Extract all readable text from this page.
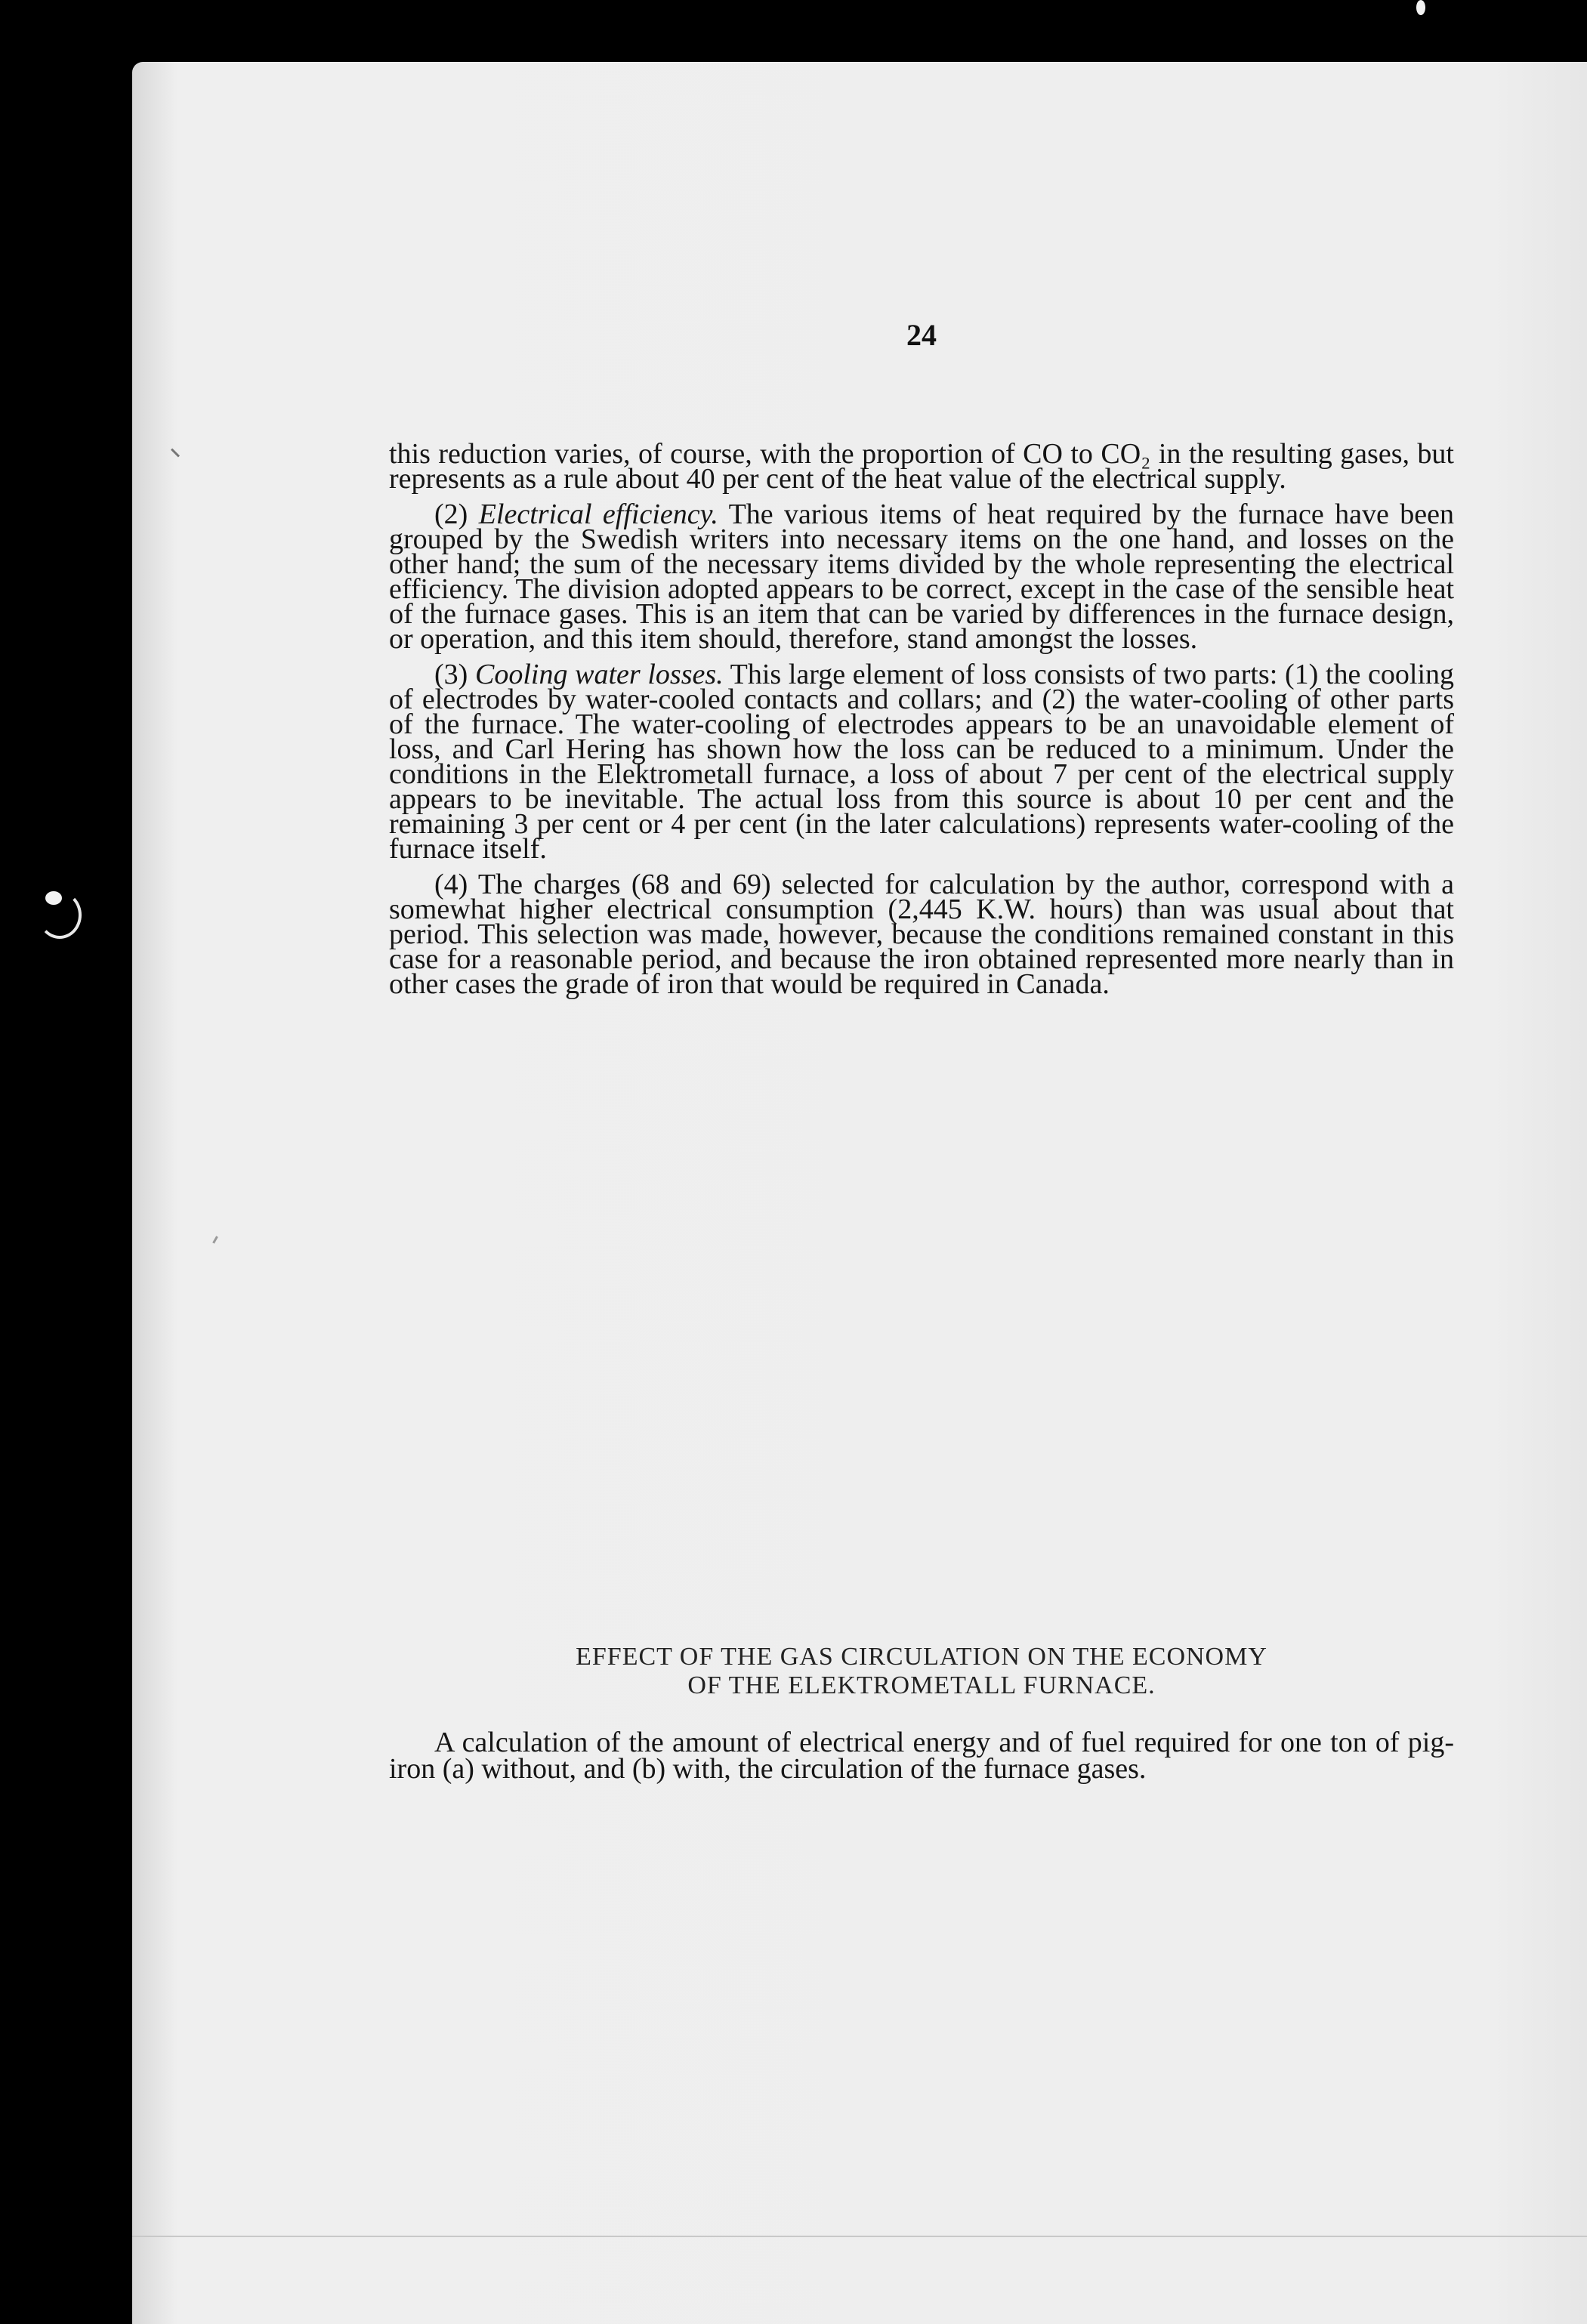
24

this reduction varies, of course, with the proportion of CO to CO₂ in the resulting gases, but represents as a rule about 40 per cent of the heat value of the electrical supply.

(2) Electrical efficiency. The various items of heat required by the furnace have been grouped by the Swedish writers into necessary items on the one hand, and losses on the other hand; the sum of the necessary items divided by the whole representing the electrical efficiency. The division adopted appears to be correct, except in the case of the sensible heat of the furnace gases. This is an item that can be varied by differences in the furnace design, or operation, and this item should, therefore, stand amongst the losses.

(3) Cooling water losses. This large element of loss consists of two parts: (1) the cooling of electrodes by water-cooled contacts and collars; and (2) the water-cooling of other parts of the furnace. The water-cooling of electrodes appears to be an unavoidable element of loss, and Carl Hering has shown how the loss can be reduced to a minimum. Under the conditions in the Elektrometall furnace, a loss of about 7 per cent of the electrical supply appears to be inevitable. The actual loss from this source is about 10 per cent and the remaining 3 per cent or 4 per cent (in the later calculations) represents water-cooling of the furnace itself.

(4) The charges (68 and 69) selected for calculation by the author, correspond with a somewhat higher electrical consumption (2,445 K.W. hours) than was usual about that period. This selection was made, however, because the conditions remained constant in this case for a reasonable period, and because the iron obtained represented more nearly than in other cases the grade of iron that would be required in Canada.

EFFECT OF THE GAS CIRCULATION ON THE ECONOMY
OF THE ELEKTROMETALL FURNACE.

A calculation of the amount of electrical energy and of fuel required for one ton of pig-iron (a) without, and (b) with, the circulation of the furnace gases.
